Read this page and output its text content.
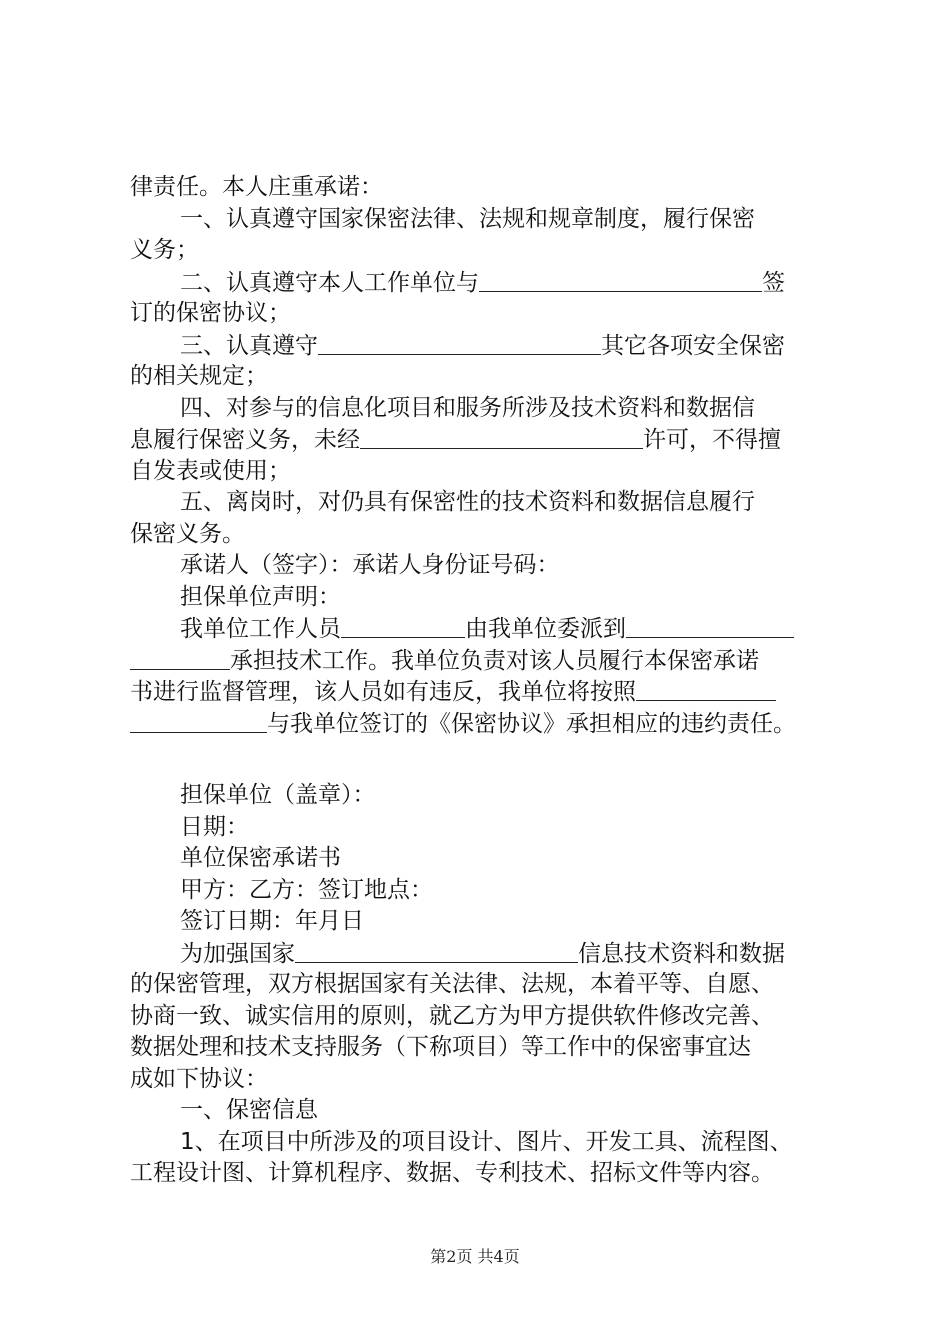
律责任。本人庄重承诺：
一、认真遵守国家保密法律、法规和规章制度，履行保密
义务；
二、认真遵守本人工作单位与	签
订的保密协议；
三、认真遵守	其它各项安全保密
的相关规定；
四、对参与的信息化项目和服务所涉及技术资料和数据信
息履行保密义务，未经	许可，不得擅
自发表或使用；
五、离岗时，对仍具有保密性的技术资料和数据信息履行
保密义务。
承诺人（签字）：承诺人身份证号码：
担保单位声明：
我单位工作人员	由我单位委派到
承担技术工作。我单位负责对该人员履行本保密承诺
书进行监督管理，该人员如有违反，我单位将按照
与我单位签订的《保密协议》承担相应的违约责任。
担保单位（盖章）：
日期：
单位保密承诺书
甲方：乙方：签订地点：
签订日期：年月日
为加强国家	信息技术资料和数据
的保密管理，双方根据国家有关法律、法规，本着平等、自愿、
协商一致、诚实信用的原则，就乙方为甲方提供软件修改完善、
数据处理和技术支持服务（下称项目）等工作中的保密事宜达
成如下协议：
一、保密信息
1、在项目中所涉及的项目设计、图片、开发工具、流程图、
工程设计图、计算机程序、数据、专利技术、招标文件等内容。
第2页 共4页
